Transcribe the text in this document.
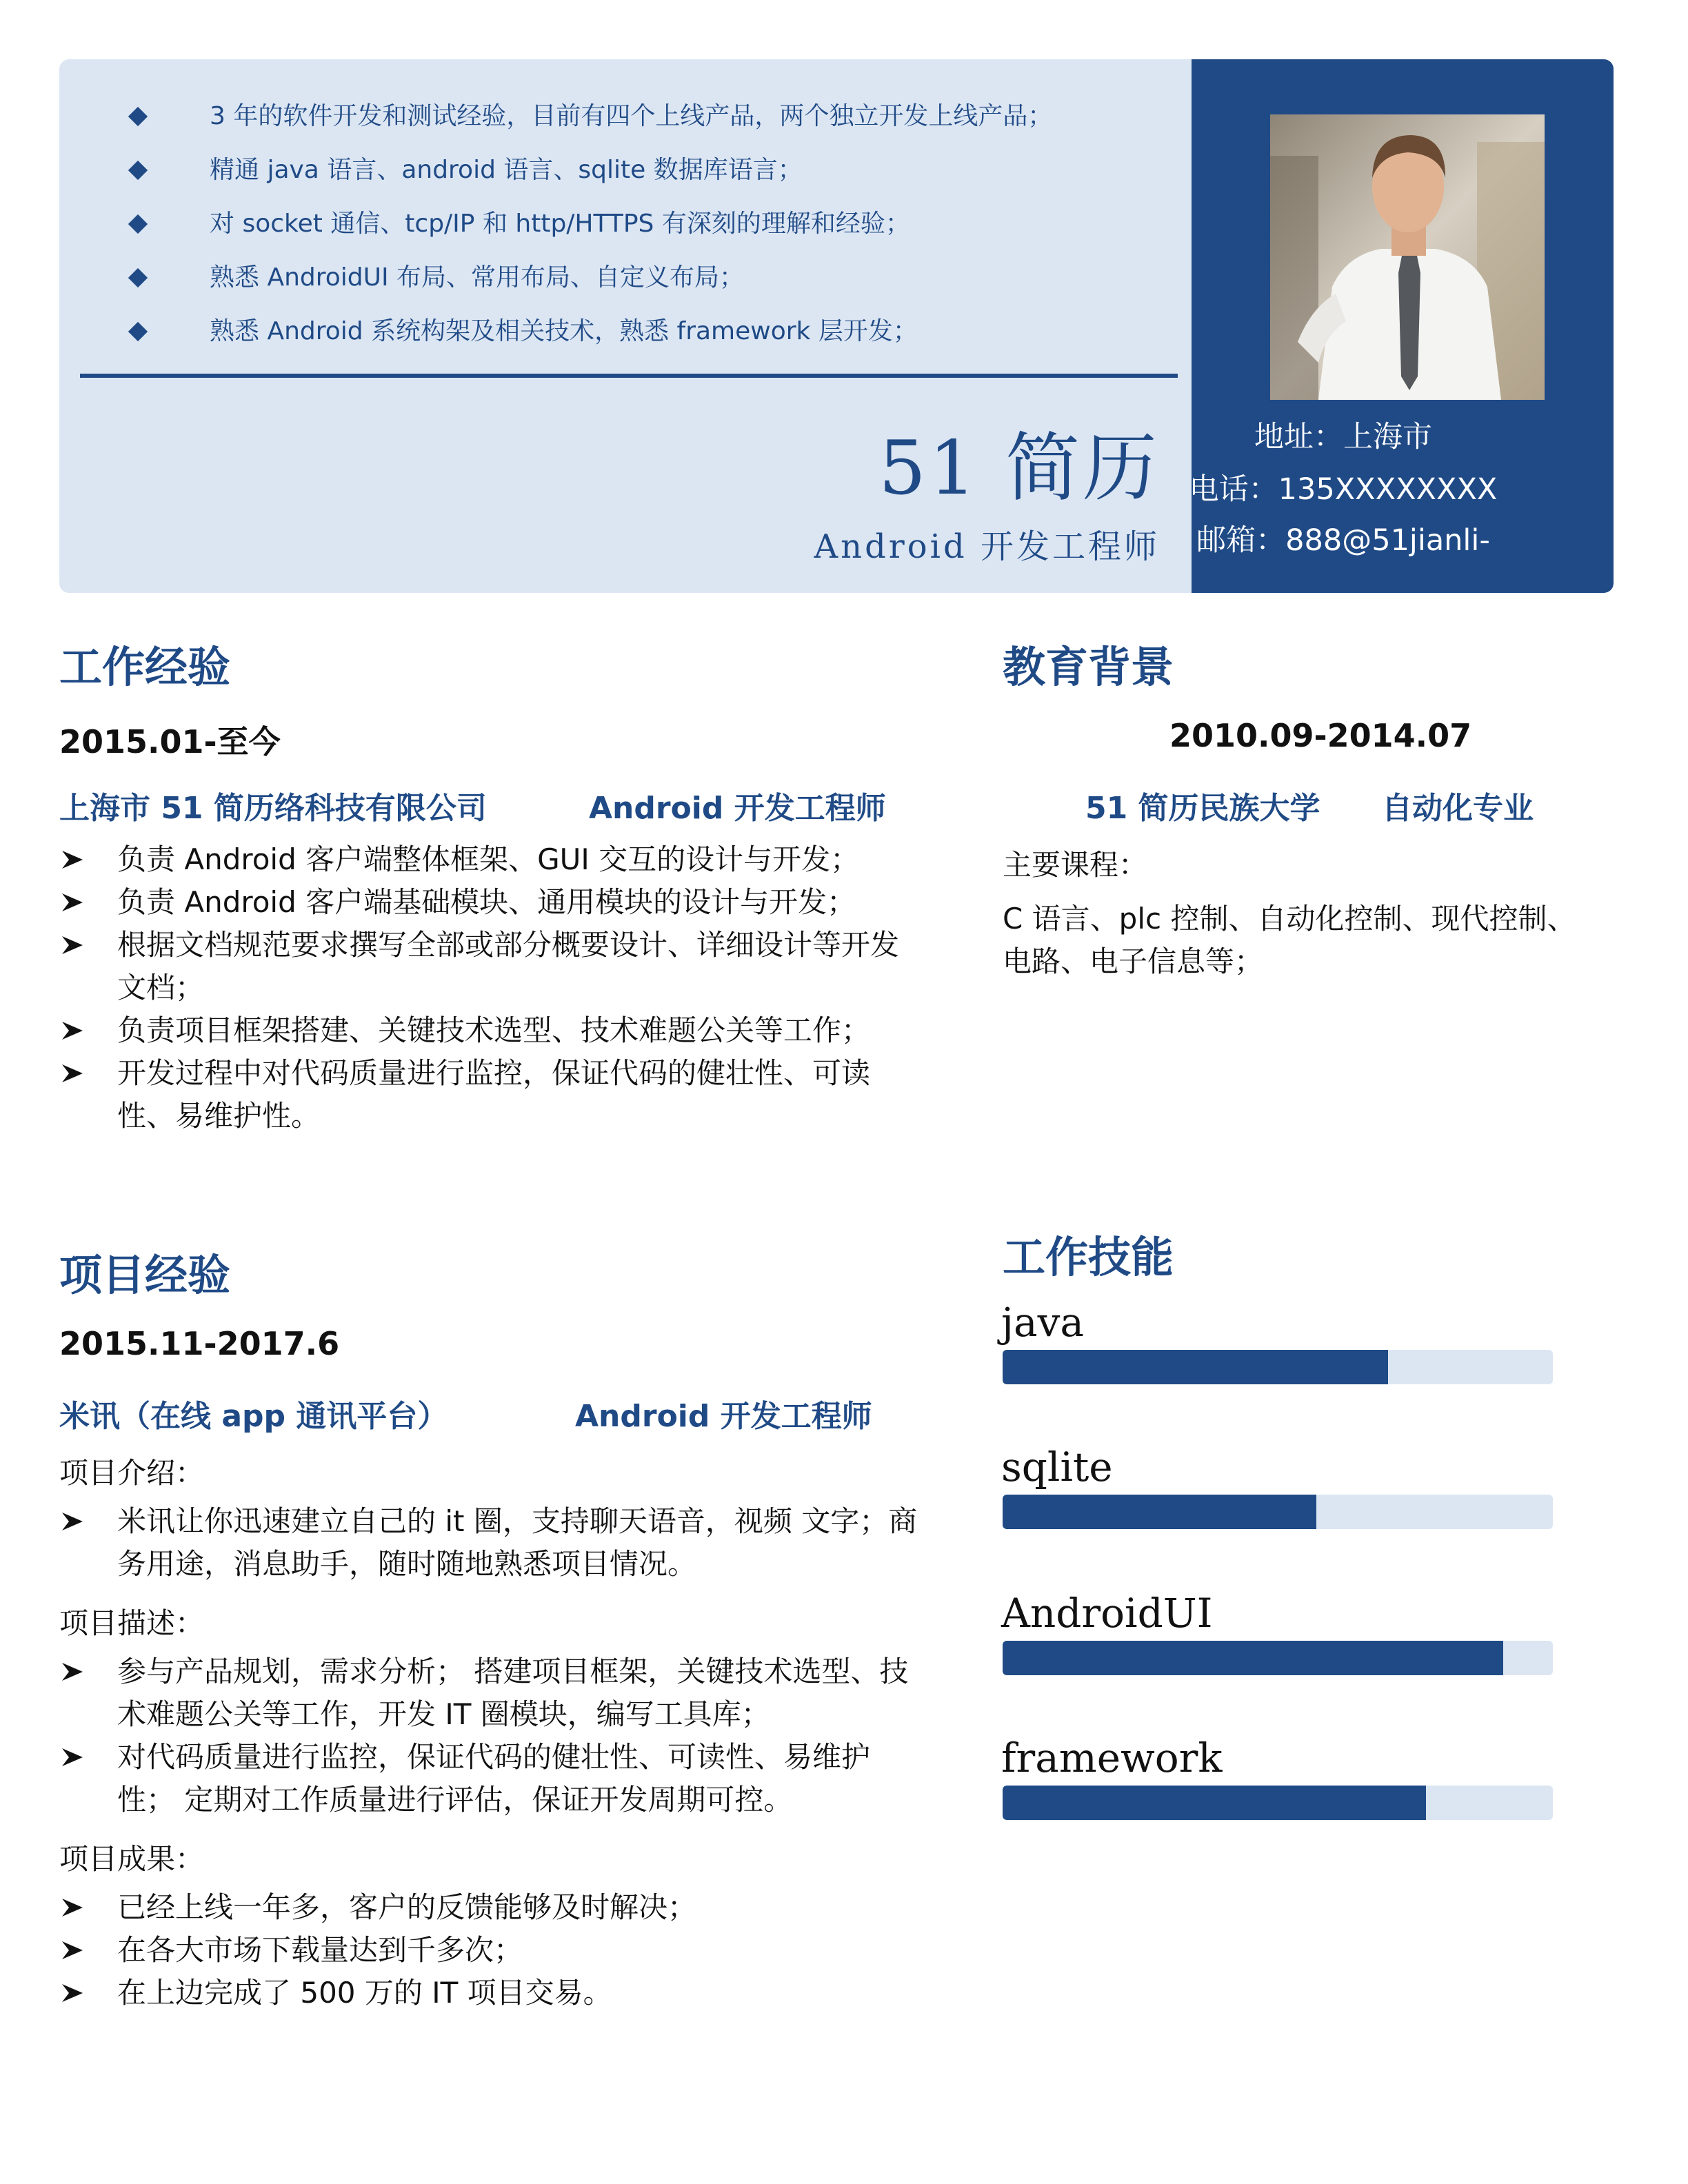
3 年的软件开发和测试经验，目前有四个上线产品，两个独立开发上线产品；
精通 java 语言、android 语言、sqlite 数据库语言；
对 socket 通信、tcp/IP 和 http/HTTPS 有深刻的理解和经验；
熟悉 AndroidUI 布局、常用布局、自定义布局；
熟悉 Android 系统构架及相关技术，熟悉 framework 层开发；
51 简历
Android 开发工程师
地址：上海市
电话：135XXXXXXXX
邮箱：888@51jianli-
工作经验
2015.01-至今
上海市 51 简历络科技有限公司	Android 开发工程师
负责 Android 客户端整体框架、GUI 交互的设计与开发；
负责 Android 客户端基础模块、通用模块的设计与开发；
根据文档规范要求撰写全部或部分概要设计、详细设计等开发
文档；
负责项目框架搭建、关键技术选型、技术难题公关等工作；
开发过程中对代码质量进行监控，保证代码的健壮性、可读
性、易维护性。
教育背景
2010.09-2014.07
51 简历民族大学 自动化专业
主要课程：
C 语言、plc 控制、自动化控制、现代控制、
电路、电子信息等；
项目经验
2015.11-2017.6
米讯（在线 app 通讯平台）	Android 开发工程师
项目介绍：
米讯让你迅速建立自己的 it 圈，支持聊天语音，视频 文字；商
务用途，消息助手，随时随地熟悉项目情况。
项目描述：
参与产品规划，需求分析； 搭建项目框架，关键技术选型、技
术难题公关等工作，开发 IT 圈模块，编写工具库；
对代码质量进行监控，保证代码的健壮性、可读性、易维护
性； 定期对工作质量进行评估，保证开发周期可控。
项目成果：
已经上线一年多，客户的反馈能够及时解决；
在各大市场下载量达到千多次；
在上边完成了 500 万的 IT 项目交易。
工作技能
java
sqlite
AndroidUI
framework
